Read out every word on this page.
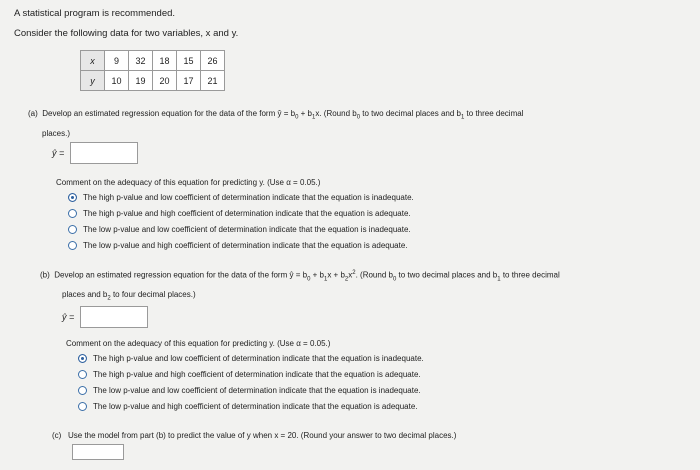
A statistical program is recommended.
Consider the following data for two variables, x and y.
x	9	32	18	15	26
y	10	19	20	17	21
(a) Develop an estimated regression equation for the data of the form ŷ = $b_0 + b_1x$. (Round $b_0$ to two decimal places and $b_1$ to three decimal
places.)
ŷ =
Comment on the adequacy of this equation for predicting y. (Use α = 0.05.)
The high p-value and low coefficient of determination indicate that the equation is inadequate.
The high p-value and high coefficient of determination indicate that the equation is adequate.
The low p-value and low coefficient of determination indicate that the equation is inadequate.
The low p-value and high coefficient of determination indicate that the equation is adequate.
(b) Develop an estimated regression equation for the data of the form ŷ = $b_0 + b_1x + b_2x^2$. (Round $b_0$ to two decimal places and $b_1$ to three decimal
places and $b_2$ to four decimal places.)
ŷ =
Comment on the adequacy of this equation for predicting y. (Use α = 0.05.)
The high p-value and low coefficient of determination indicate that the equation is inadequate.
The high p-value and high coefficient of determination indicate that the equation is adequate.
The low p-value and low coefficient of determination indicate that the equation is inadequate.
The low p-value and high coefficient of determination indicate that the equation is adequate.
(c) Use the model from part (b) to predict the value of y when x = 20. (Round your answer to two decimal places.)
